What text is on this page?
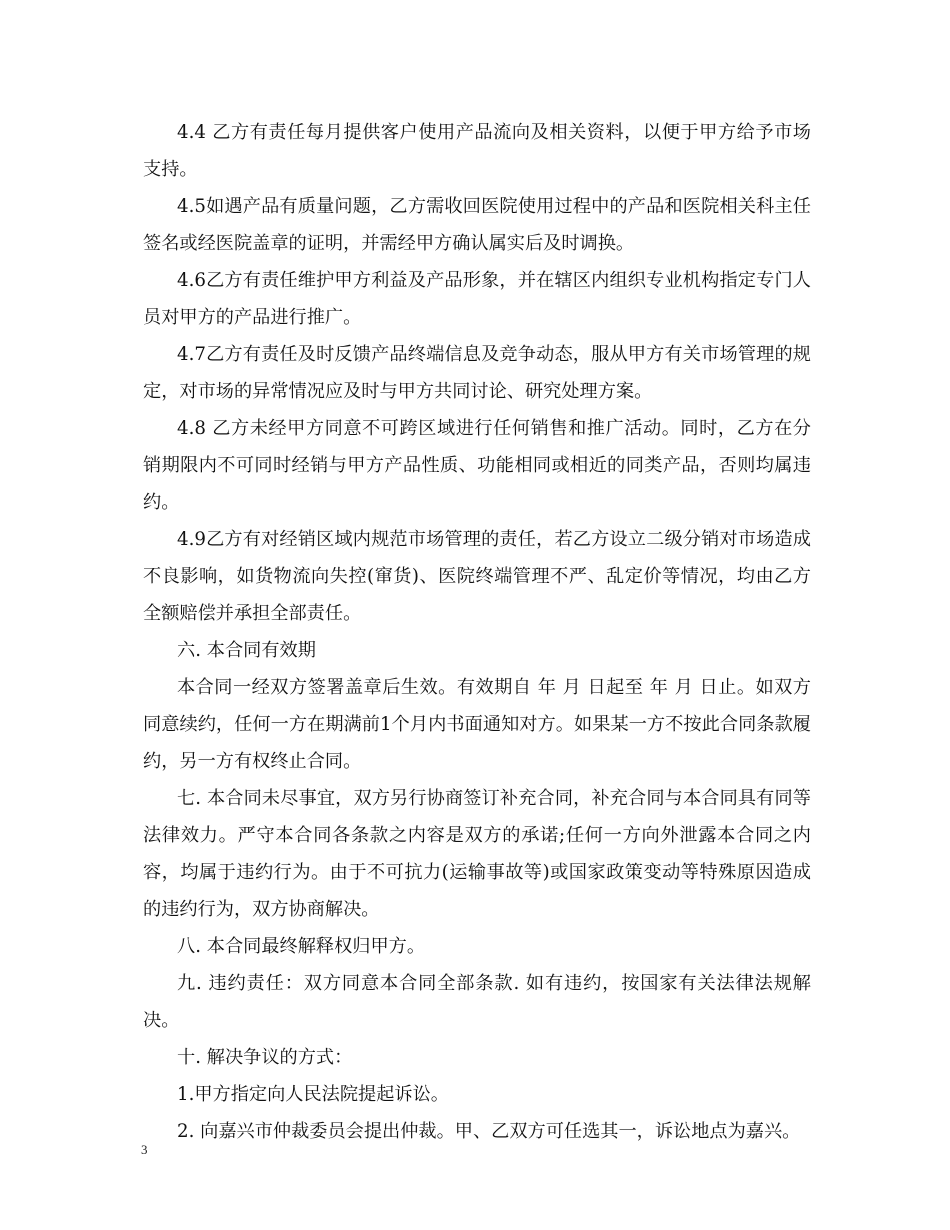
4.4 乙方有责任每月提供客户使用产品流向及相关资料，以便于甲方给予市场支持。

4.5如遇产品有质量问题，乙方需收回医院使用过程中的产品和医院相关科主任签名或经医院盖章的证明，并需经甲方确认属实后及时调换。

4.6乙方有责任维护甲方利益及产品形象，并在辖区内组织专业机构指定专门人员对甲方的产品进行推广。

4.7乙方有责任及时反馈产品终端信息及竞争动态，服从甲方有关市场管理的规定，对市场的异常情况应及时与甲方共同讨论、研究处理方案。

4.8 乙方未经甲方同意不可跨区域进行任何销售和推广活动。同时，乙方在分销期限内不可同时经销与甲方产品性质、功能相同或相近的同类产品，否则均属违约。

4.9乙方有对经销区域内规范市场管理的责任，若乙方设立二级分销对市场造成不良影响，如货物流向失控(窜货)、医院终端管理不严、乱定价等情况，均由乙方全额赔偿并承担全部责任。

六. 本合同有效期

本合同一经双方签署盖章后生效。有效期自 年 月 日起至 年 月 日止。如双方同意续约，任何一方在期满前1个月内书面通知对方。如果某一方不按此合同条款履约，另一方有权终止合同。

七. 本合同未尽事宜，双方另行协商签订补充合同，补充合同与本合同具有同等法律效力。严守本合同各条款之内容是双方的承诺;任何一方向外泄露本合同之内容，均属于违约行为。由于不可抗力(运输事故等)或国家政策变动等特殊原因造成的违约行为，双方协商解决。

八. 本合同最终解释权归甲方。

九. 违约责任：双方同意本合同全部条款. 如有违约，按国家有关法律法规解决。

十. 解决争议的方式：

1.甲方指定向人民法院提起诉讼。

2. 向嘉兴市仲裁委员会提出仲裁。甲、乙双方可任选其一，诉讼地点为嘉兴。

3
